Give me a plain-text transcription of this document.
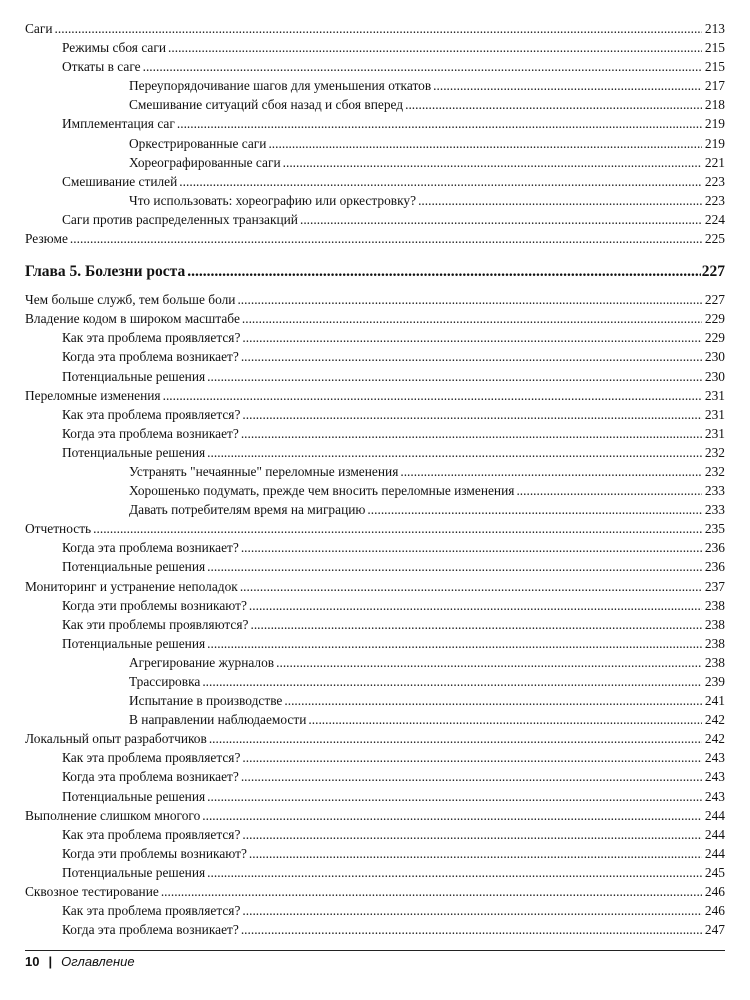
Саги .....	213
Режимы сбоя саги .....	215
Откаты в саге .....	215
Переупорядочивание шагов для уменьшения откатов .....	217
Смешивание ситуаций сбоя назад и сбоя вперед .....	218
Имплементация саг .....	219
Оркестрированные саги .....	219
Хореографированные саги .....	221
Смешивание стилей .....	223
Что использовать: хореографию или оркестровку? .....	223
Саги против распределенных транзакций .....	224
Резюме .....	225
Глава 5. Болезни роста .....	227
Чем больше служб, тем больше боли .....	227
Владение кодом в широком масштабе .....	229
Как эта проблема проявляется? .....	229
Когда эта проблема возникает? .....	230
Потенциальные решения .....	230
Переломные изменения .....	231
Как эта проблема проявляется? .....	231
Когда эта проблема возникает? .....	231
Потенциальные решения .....	232
Устранять "нечаянные" переломные изменения .....	232
Хорошенько подумать, прежде чем вносить переломные изменения .....	233
Давать потребителям время на миграцию .....	233
Отчетность .....	235
Когда эта проблема возникает? .....	236
Потенциальные решения .....	236
Мониторинг и устранение неполадок .....	237
Когда эти проблемы возникают? .....	238
Как эти проблемы проявляются? .....	238
Потенциальные решения .....	238
Агрегирование журналов .....	238
Трассировка .....	239
Испытание в производстве .....	241
В направлении наблюдаемости .....	242
Локальный опыт разработчиков .....	242
Как эта проблема проявляется? .....	243
Когда эта проблема возникает? .....	243
Потенциальные решения .....	243
Выполнение слишком многого .....	244
Как эта проблема проявляется? .....	244
Когда эти проблемы возникают? .....	244
Потенциальные решения .....	245
Сквозное тестирование .....	246
Как эта проблема проявляется? .....	246
Когда эта проблема возникает? .....	247
10 | Оглавление
